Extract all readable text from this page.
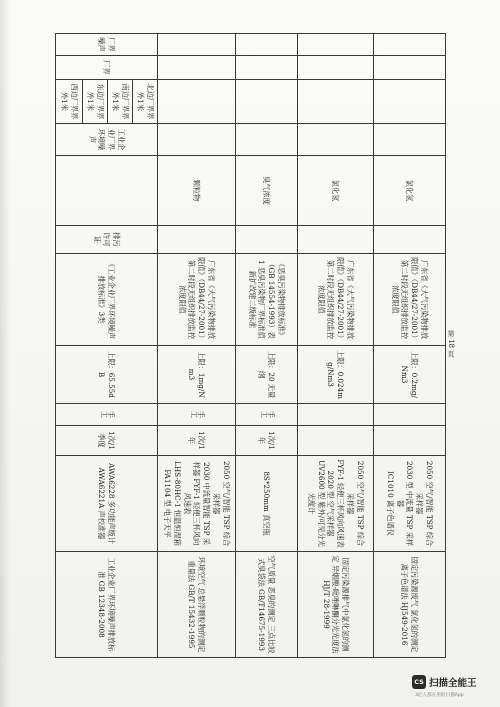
				氯化氢		广东省《大气污染物排放限值》（DB44/27-2001）第二时段无组织排放监控浓度限值	上限：0.2mg/Nm3			2050 空气/智能 TSP 综合采样器
2030 型 中流量 TSP 采样器
IC1010 离子色谱仪	固定污染源废气 氯化氢的测定 离子色谱法 HJ549-2016
				氯化氢		广东省《大气污染物排放限值》（DB44/27-2001）第二时段无组织排放监控浓度限值	上限：0.024mg/Nm3			2050 空气/智能 TSP 综合采样器
FYF-1 轻便三杯风向风速表
2020 型 空气采样器
UV2600 型 紫外/可见分光光度计	固定污染源排气中氯化氢的测定 异烟酸-吡唑啉酮分光光度法 HJ/T 28-1999
				臭气浓度		《恶臭污染物排放标准》（GB 14554-1993）表 1 恶臭污染物厂界标准值新扩改建二级标准	上限：20 无量纲	手工	1次/1年	8S*250mm 真空瓶	空气质量 恶臭的测定 三点比较式臭袋法 GB/T14675-1993
				颗粒物		广东省《大气污染物排放限值》（DB44/27-2001）第二时段无组织排放监控浓度限值	上限：1mg/Nm3	手工	1次/1年	2050 空气/智能 TSP 综合采样器
2030 中流量智能 TSP 采样器 FYF-1 轻便三杯风向风速表
LHS-80HC-1 恒温恒湿箱
FA1104 型 电子天平	环境空气 总悬浮颗粒物的测定 重量法 GB/T 15432-1995
厂界噪声	厂界	北边厂界界外1米	工业企业厂界环境噪声		排污许可证	《工业企业厂界环境噪声排放标准》3类	上限：65.55dB	手工	1次/1季度	AWA6228 多功能声级计
AWA6221A 声校准器	工业企业厂界环境噪声排放标准 GB 12348-2008
		南边厂界界外1米									
		东边厂界界外1米									
		西边厂界界外1米									
第 18 页
CS 扫描全能王
3亿人都在用的扫描App
